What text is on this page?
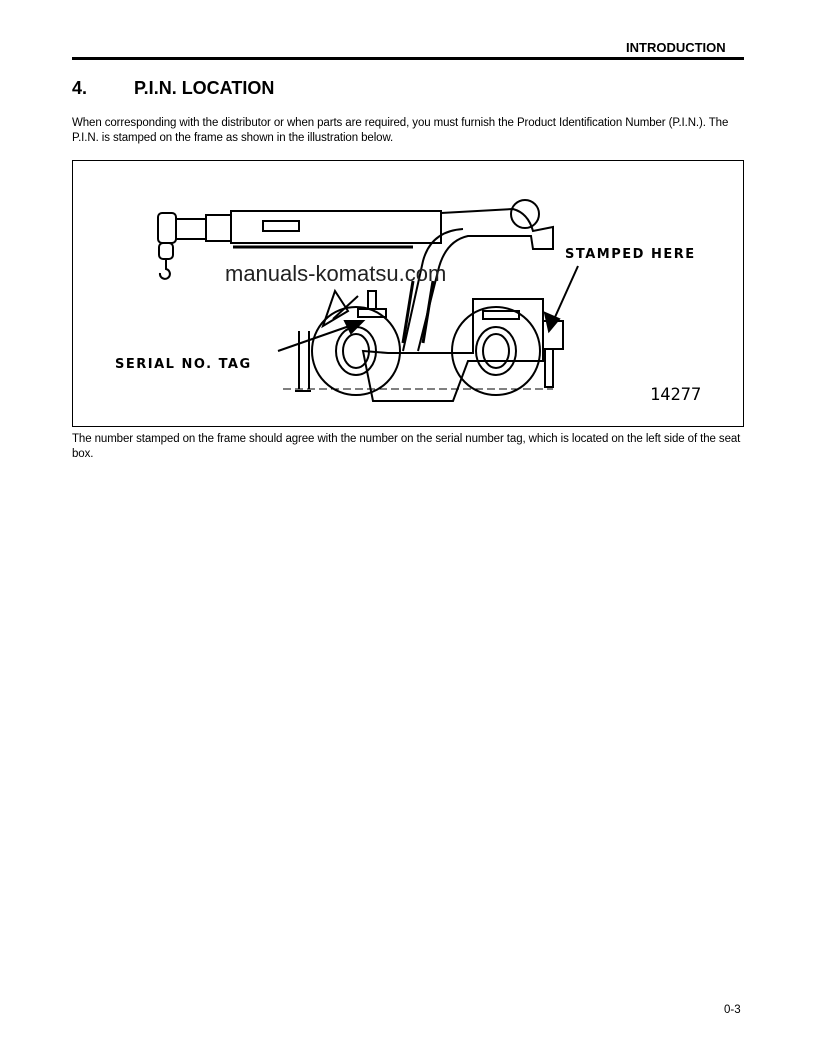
INTRODUCTION
4.	P.I.N. LOCATION
When corresponding with the distributor or when parts are required, you must furnish the Product Identification Number (P.I.N.). The P.I.N. is stamped on the frame as shown in the illustration below.
manuals-komatsu.com
STAMPED HERE
SERIAL NO. TAG
14277
The number stamped on the frame should agree with the number on the serial number tag, which is located on the left side of the seat box.
0-3
